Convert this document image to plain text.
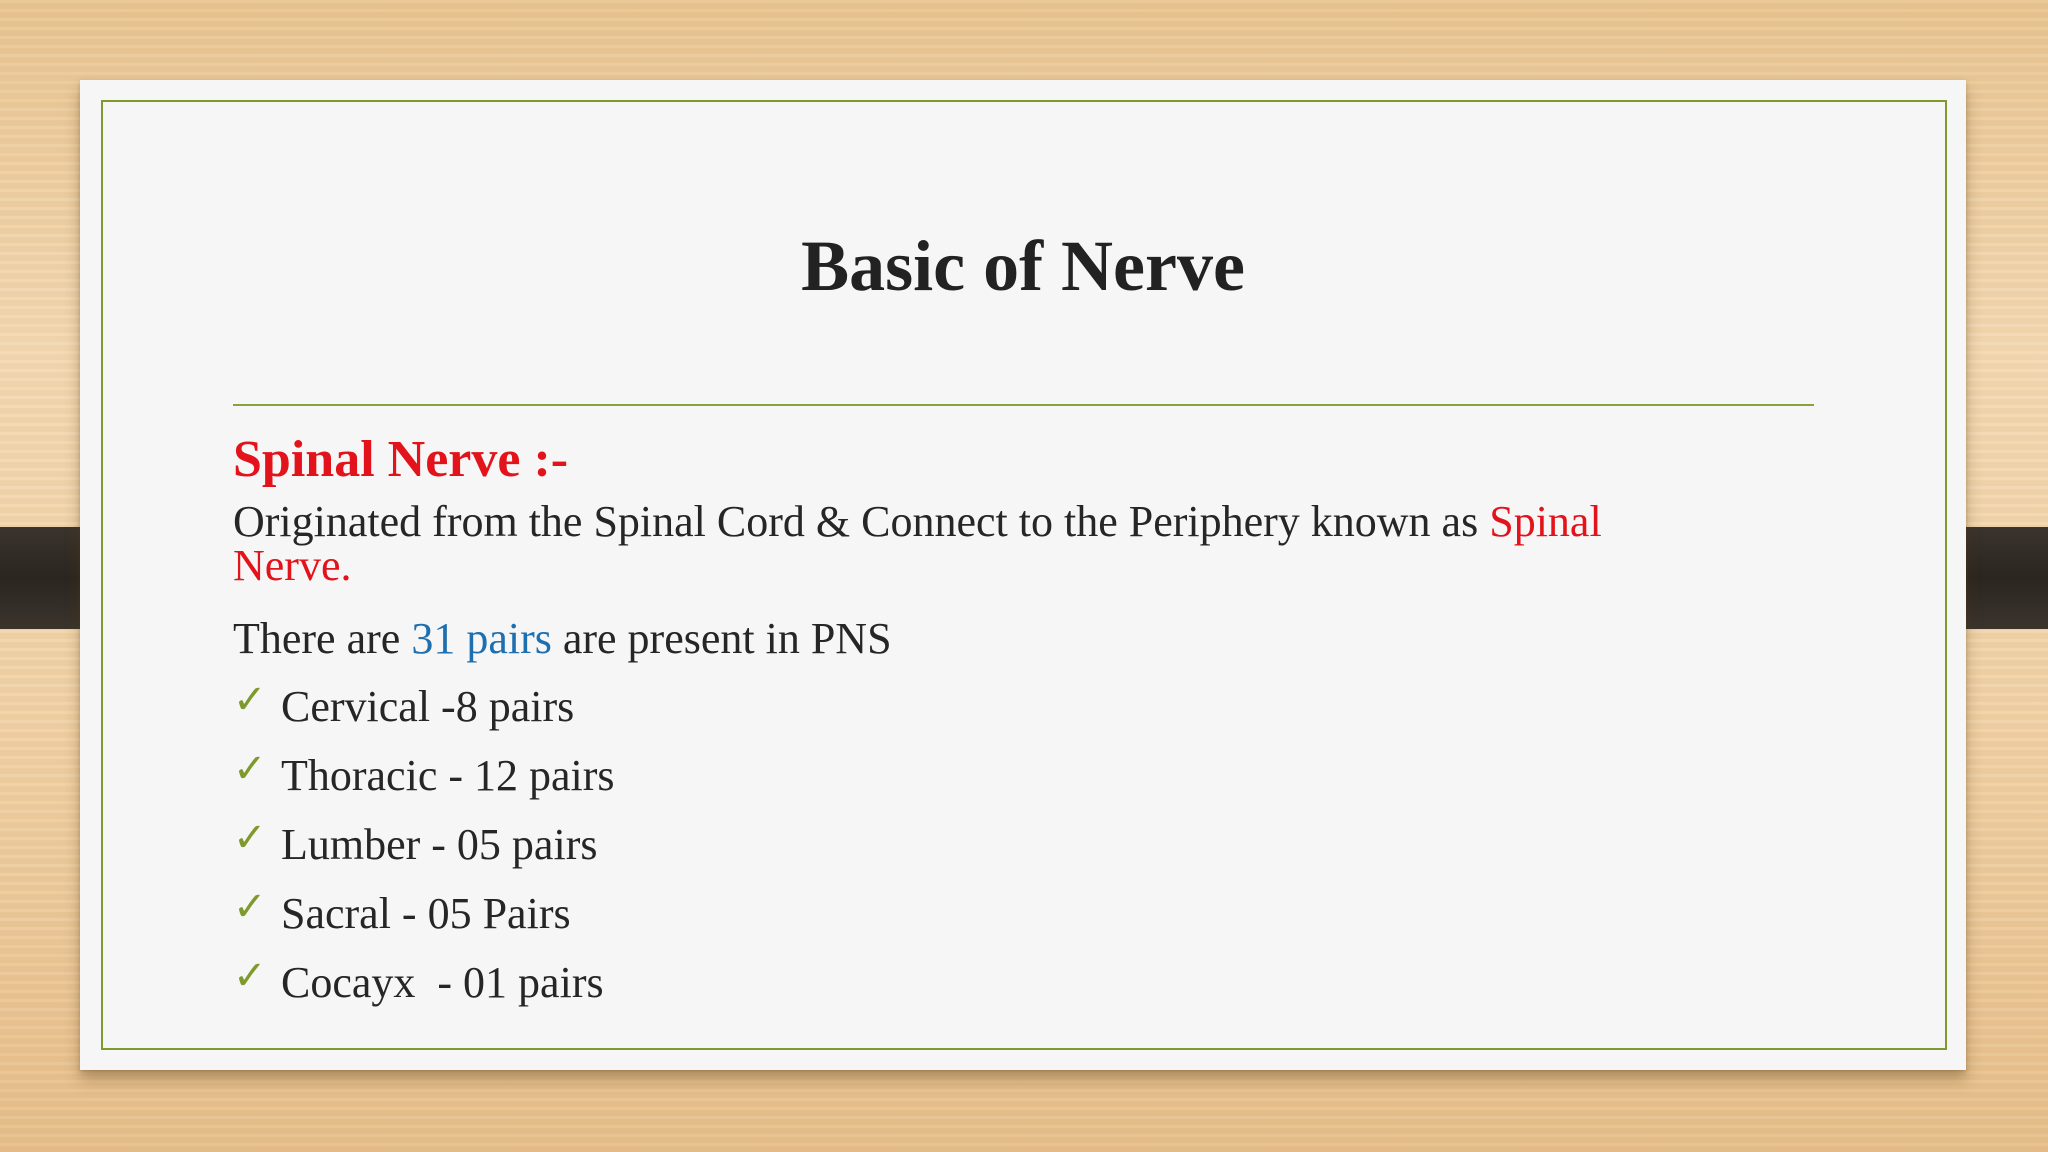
Basic of Nerve

Spinal Nerve :-

Originated from the Spinal Cord & Connect to the Periphery known as Spinal
Nerve.

There are 31 pairs are present in PNS

✓ Cervical -8 pairs
✓ Thoracic - 12 pairs
✓ Lumber - 05 pairs
✓ Sacral - 05 Pairs
✓ Cocayx  - 01 pairs
